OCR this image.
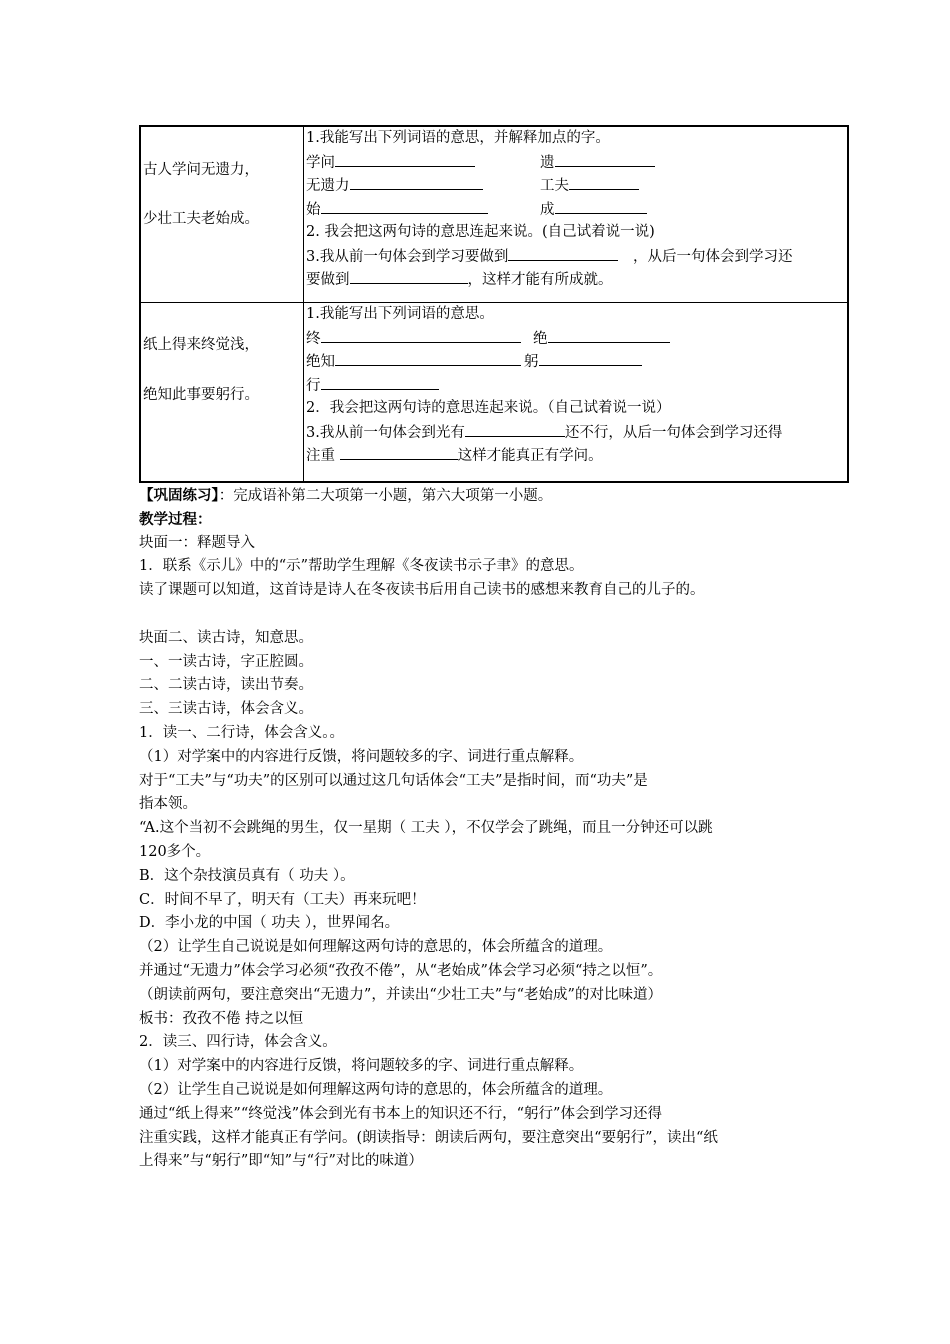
古人学问无遗力，
少壮工夫老始成。
1.我能写出下列词语的意思，并解释加点的字。
学问	遗
无遗力	工夫
始	成
2. 我会把这两句诗的意思连起来说。(自己试着说一说)
3.我从前一句体会到学习要做到	，从后一句体会到学习还
要做到	，这样才能有所成就。
纸上得来终觉浅，
绝知此事要躬行。
1.我能写出下列词语的意思。
终	绝
绝知	躬
行
2．我会把这两句诗的意思连起来说。（自己试着说一说）
3.我从前一句体会到光有	还不行，从后一句体会到学习还得
注重	这样才能真正有学问。
【巩固练习】：完成语补第二大项第一小题，第六大项第一小题。
教学过程：
块面一：释题导入
1．联系《示儿》中的“示”帮助学生理解《冬夜读书示子聿》的意思。
读了课题可以知道，这首诗是诗人在冬夜读书后用自己读书的感想来教育自己的儿子的。
块面二、读古诗，知意思。
一、一读古诗，字正腔圆。
二、二读古诗，读出节奏。
三、三读古诗，体会含义。
1．读一、二行诗，体会含义。。
（1）对学案中的内容进行反馈，将问题较多的字、词进行重点解释。
对于“工夫”与“功夫”的区别可以通过这几句话体会“工夫”是指时间，而“功夫”是
指本领。
“A.这个当初不会跳绳的男生，仅一星期（ 工夫 ），不仅学会了跳绳，而且一分钟还可以跳
120多个。
B．这个杂技演员真有（ 功夫 ）。
C．时间不早了，明天有（工夫）再来玩吧！
D．李小龙的中国（ 功夫 ），世界闻名。
（2）让学生自己说说是如何理解这两句诗的意思的，体会所蕴含的道理。
并通过“无遗力”体会学习必须“孜孜不倦”，从“老始成”体会学习必须“持之以恒”。
（朗读前两句，要注意突出“无遗力”，并读出“少壮工夫”与“老始成”的对比味道）
板书：孜孜不倦 持之以恒
2．读三、四行诗，体会含义。
（1）对学案中的内容进行反馈，将问题较多的字、词进行重点解释。
（2）让学生自己说说是如何理解这两句诗的意思的，体会所蕴含的道理。
通过“纸上得来”“终觉浅”体会到光有书本上的知识还不行，“躬行”体会到学习还得
注重实践，这样才能真正有学问。(朗读指导：朗读后两句，要注意突出“要躬行”，读出“纸
上得来”与“躬行”即“知”与“行”对比的味道）
